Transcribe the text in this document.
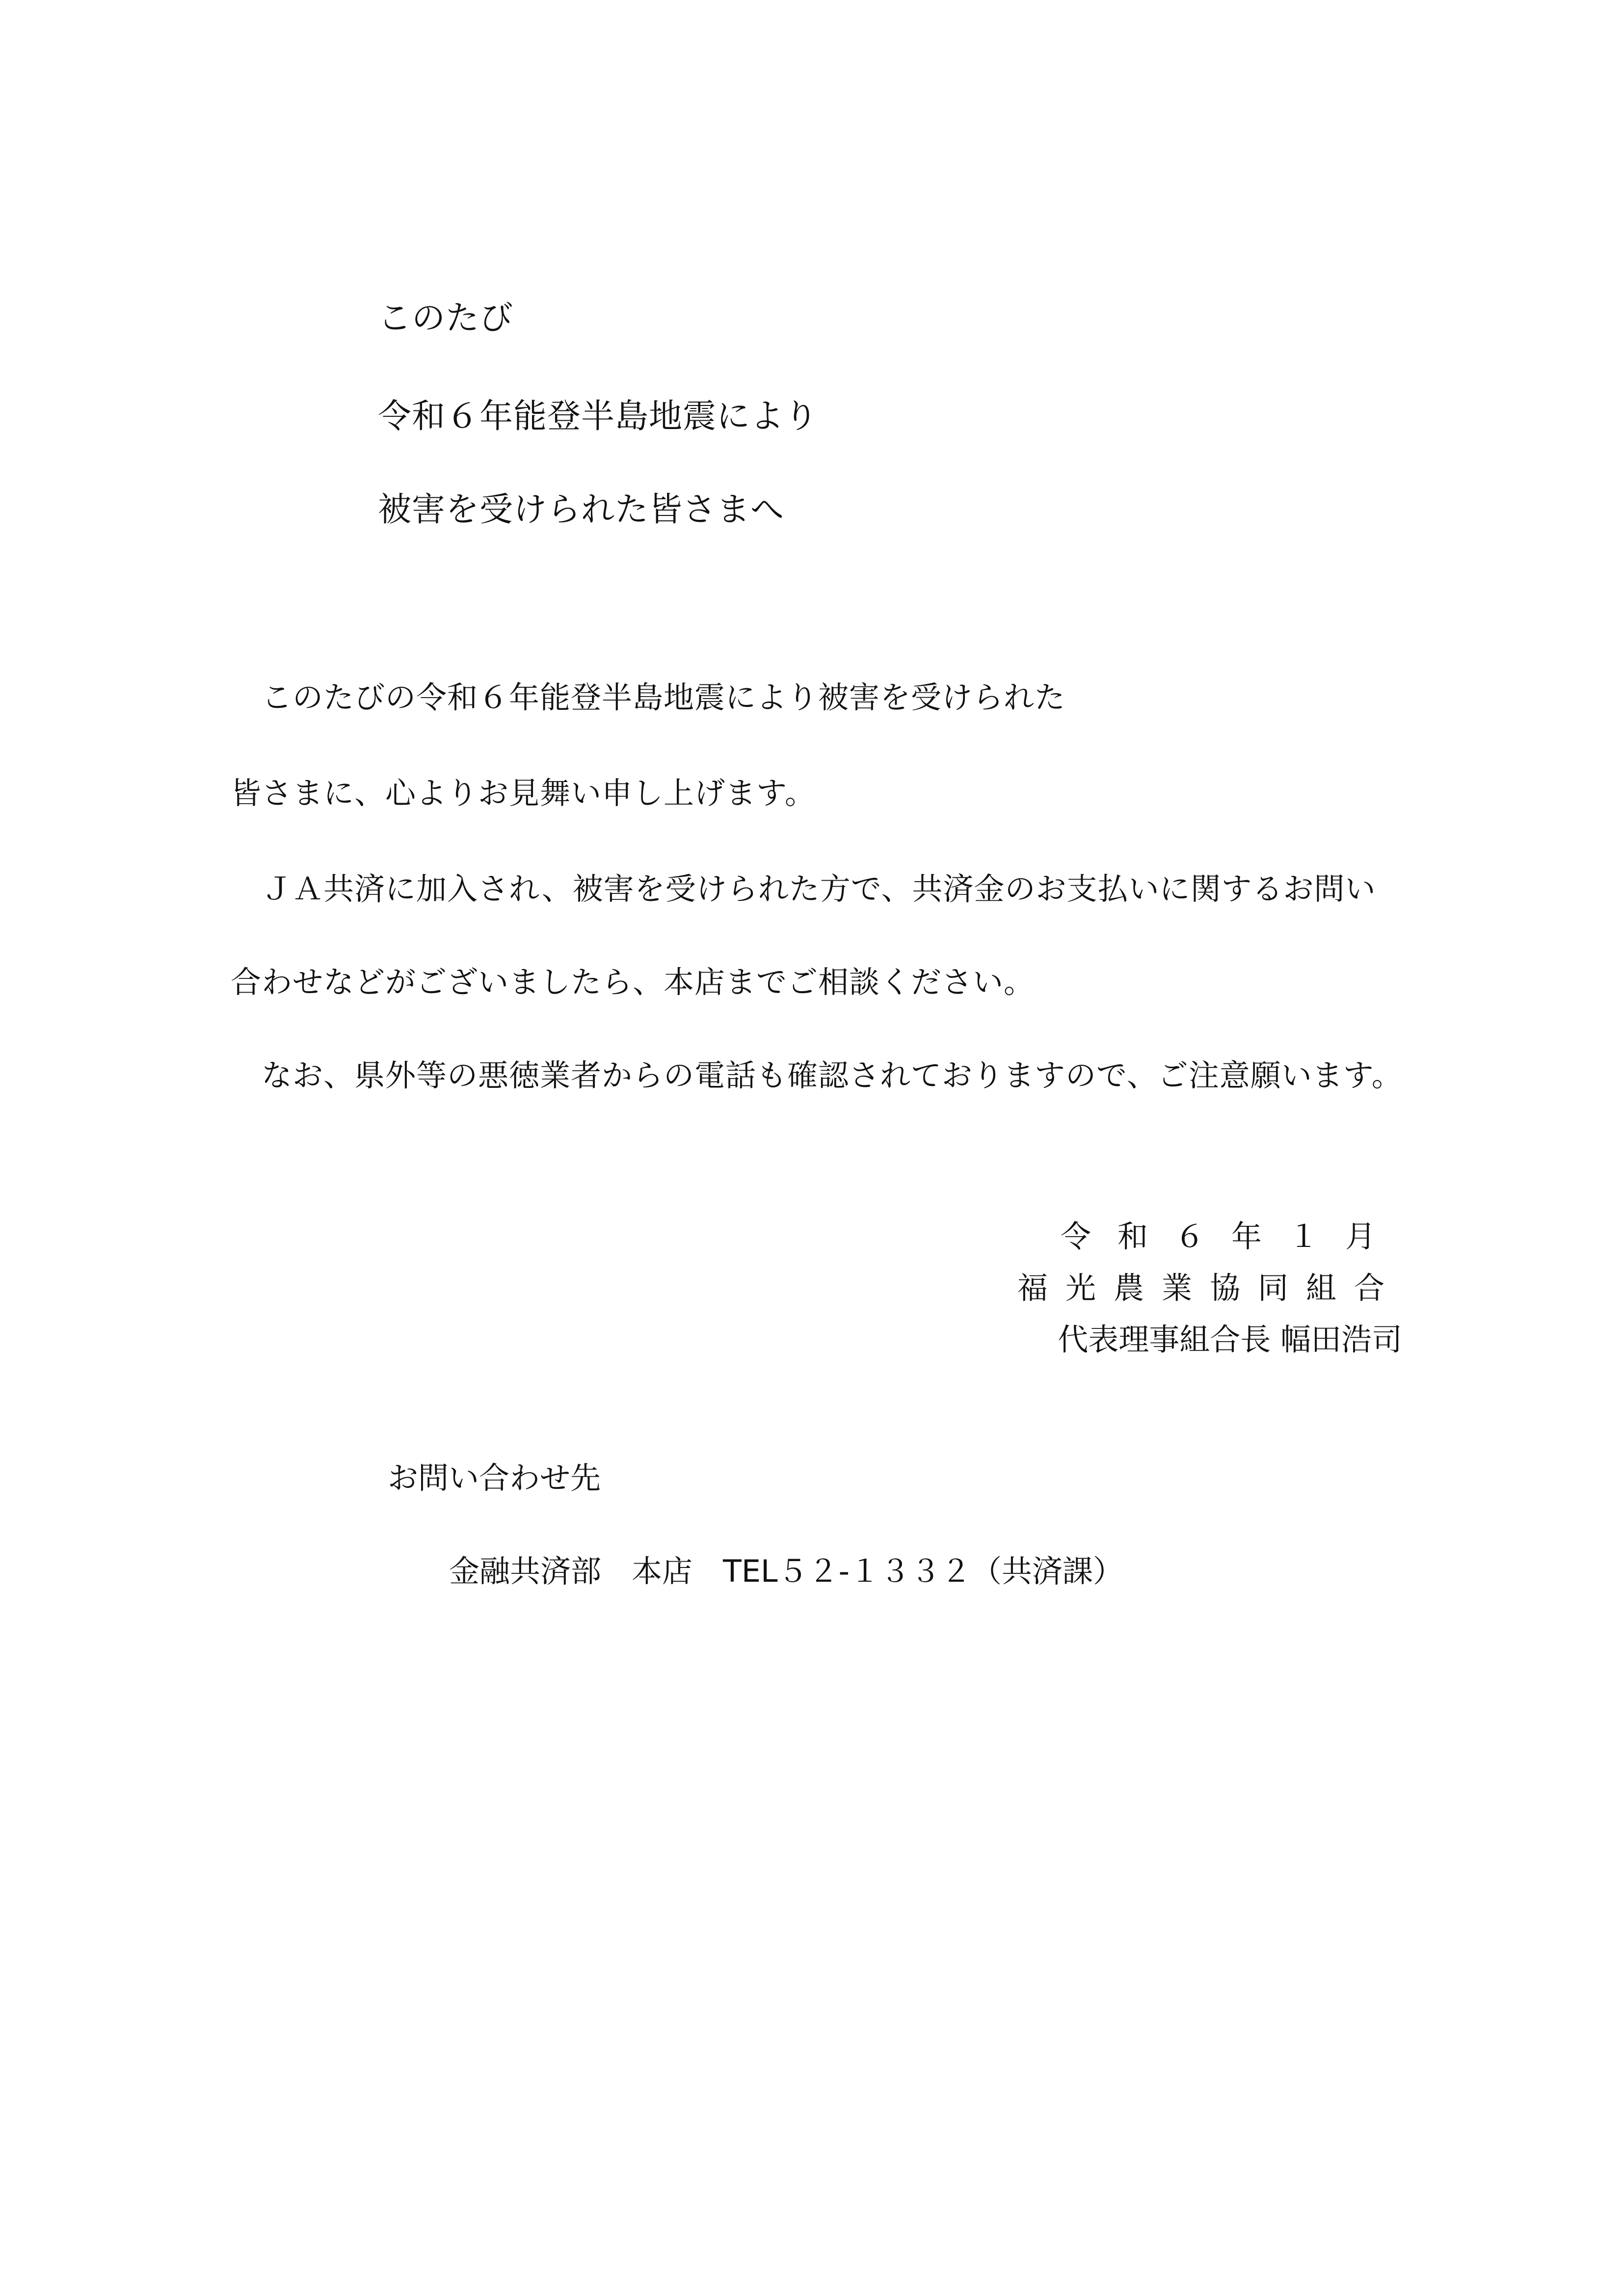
このたび
令和６年能登半島地震により
被害を受けられた皆さまへ
　このたびの令和６年能登半島地震により被害を受けられた
皆さまに、心よりお見舞い申し上げます。
　ＪＡ共済に加入され、被害を受けられた方で、共済金のお支払いに関するお問い
合わせなどがございましたら、本店までご相談ください。
　なお、県外等の悪徳業者からの電話も確認されておりますので、ご注意願います。
令和６年１月
福光農業協同組合
代表理事組合長 幅田浩司
お問い合わせ先
金融共済部　本店　TEL５２-１３３２（共済課）
